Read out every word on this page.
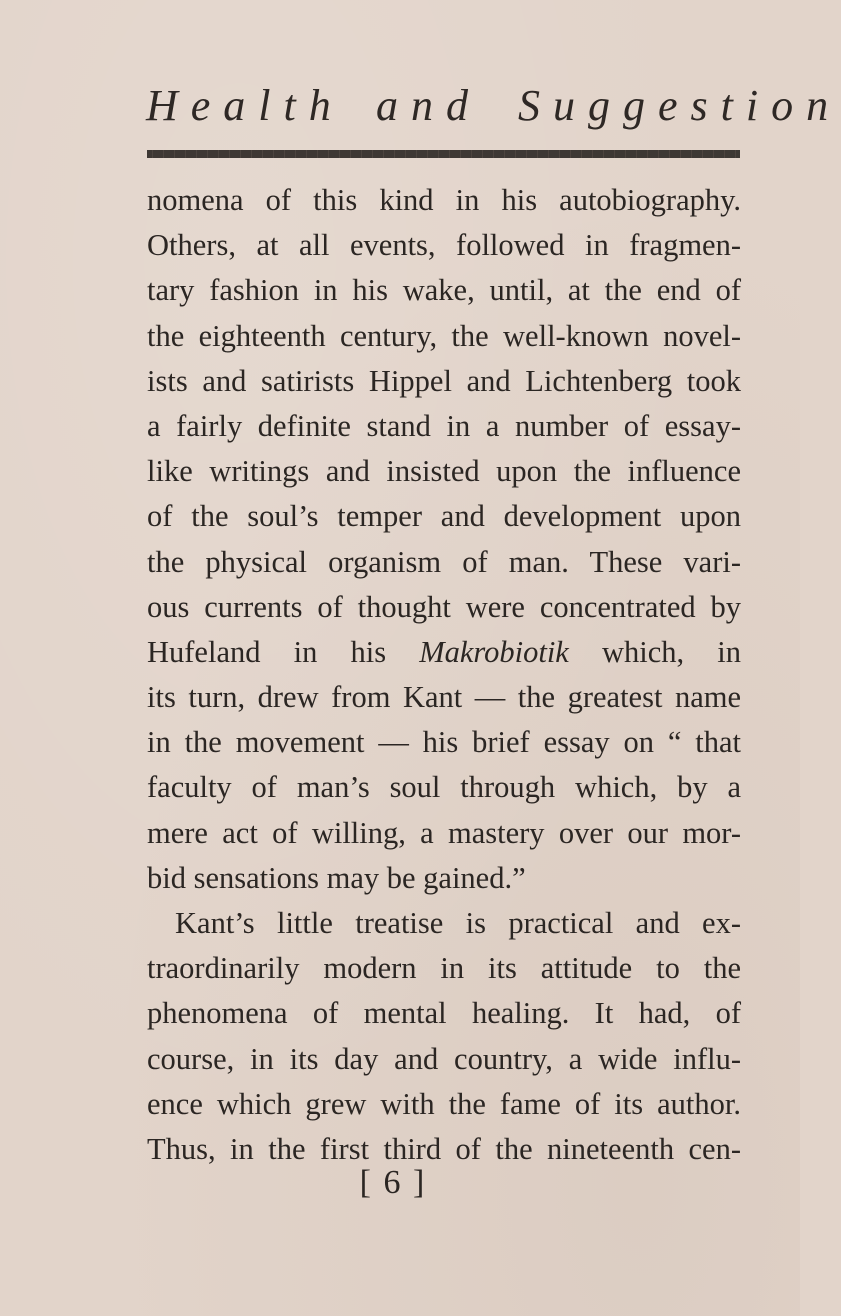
Health and Suggestion
nomena of this kind in his autobiography.
Others, at all events, followed in fragmen-
tary fashion in his wake, until, at the end of
the eighteenth century, the well-known novel-
ists and satirists Hippel and Lichtenberg took
a fairly definite stand in a number of essay-
like writings and insisted upon the influence
of the soul’s temper and development upon
the physical organism of man. These vari-
ous currents of thought were concentrated by
Hufeland in his Makrobiotik which, in
its turn, drew from Kant — the greatest name
in the movement — his brief essay on “ that
faculty of man’s soul through which, by a
mere act of willing, a mastery over our mor-
bid sensations may be gained.”
Kant’s little treatise is practical and ex-
traordinarily modern in its attitude to the
phenomena of mental healing. It had, of
course, in its day and country, a wide influ-
ence which grew with the fame of its author.
Thus, in the first third of the nineteenth cen-
[ 6 ]
